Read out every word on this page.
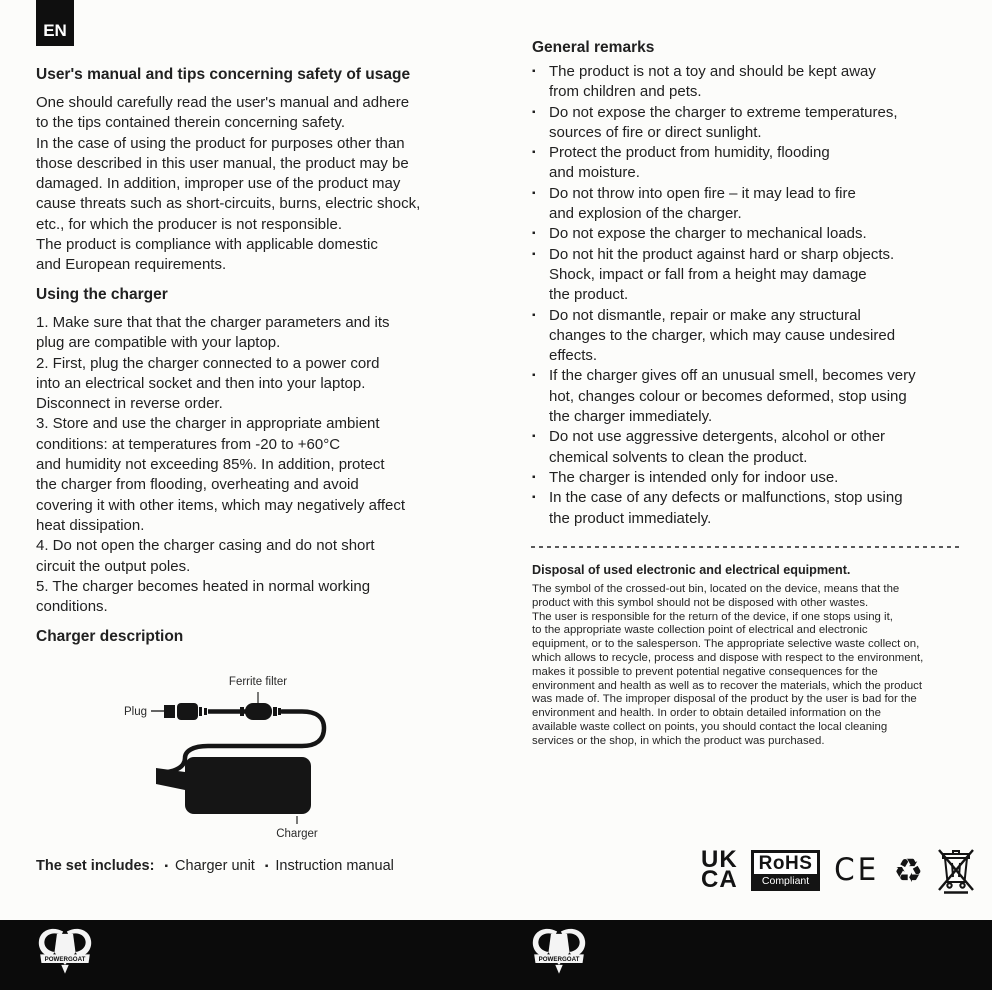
EN
User's manual and tips concerning safety of usage

One should carefully read the user's manual and adhere
to the tips contained therein concerning safety.
In the case of using the product for purposes other than
those described in this user manual, the product may be
damaged. In addition, improper use of the product may
cause threats such as short-circuits, burns, electric shock,
etc., for which the producer is not responsible.
The product is compliance with applicable domestic
and European requirements.

Using the charger

1. Make sure that that the charger parameters and its
plug are compatible with your laptop.
2. First, plug the charger connected to a power cord
into an electrical socket and then into your laptop.
Disconnect in reverse order.
3. Store and use the charger in appropriate ambient
conditions: at temperatures from -20 to +60°C
and humidity not exceeding 85%. In addition, protect
the charger from flooding, overheating and avoid
covering it with other items, which may negatively affect
heat dissipation.
4. Do not open the charger casing and do not short
circuit the output poles.
5. The charger becomes heated in normal working
conditions.

Charger description
Ferrite filter
Plug
Charger
The set includes: ▪ Charger unit ▪ Instruction manual
General remarks
▪ The product is not a toy and should be kept away
from children and pets.
▪ Do not expose the charger to extreme temperatures,
sources of fire or direct sunlight.
▪ Protect the product from humidity, flooding
and moisture.
▪ Do not throw into open fire – it may lead to fire
and explosion of the charger.
▪ Do not expose the charger to mechanical loads.
▪ Do not hit the product against hard or sharp objects.
Shock, impact or fall from a height may damage
the product.
▪ Do not dismantle, repair or make any structural
changes to the charger, which may cause undesired
effects.
▪ If the charger gives off an unusual smell, becomes very
hot, changes colour or becomes deformed, stop using
the charger immediately.
▪ Do not use aggressive detergents, alcohol or other
chemical solvents to clean the product.
▪ The charger is intended only for indoor use.
▪ In the case of any defects or malfunctions, stop using
the product immediately.
Disposal of used electronic and electrical equipment.

The symbol of the crossed-out bin, located on the device, means that the
product with this symbol should not be disposed with other wastes.
The user is responsible for the return of the device, if one stops using it,
to the appropriate waste collection point of electrical and electronic
equipment, or to the salesperson. The appropriate selective waste collect on,
which allows to recycle, process and dispose with respect to the environment,
makes it possible to prevent potential negative consequences for the
environment and health as well as to recover the materials, which the product
was made of. The improper disposal of the product by the user is bad for the
environment and health. In order to obtain detailed information on the
available waste collect on points, you should contact the local cleaning
services or the shop, in which the product was purchased.

UK
CA
RoHS
Compliant CE ♻
POWERGOAT	POWERGOAT
